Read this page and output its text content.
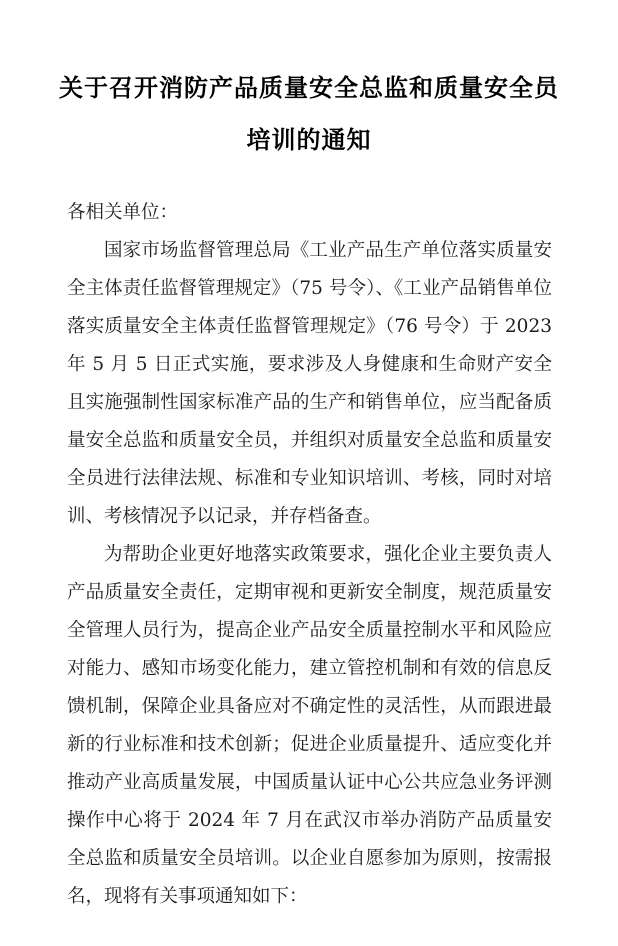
关于召开消防产品质量安全总监和质量安全员
培训的通知

各相关单位：

国家市场监督管理总局《工业产品生产单位落实质量安全主体责任监督管理规定》（75 号令）、《工业产品销售单位落实质量安全主体责任监督管理规定》（76 号令）于 2023 年 5 月 5 日正式实施，要求涉及人身健康和生命财产安全且实施强制性国家标准产品的生产和销售单位，应当配备质量安全总监和质量安全员，并组织对质量安全总监和质量安全员进行法律法规、标准和专业知识培训、考核，同时对培训、考核情况予以记录，并存档备查。

为帮助企业更好地落实政策要求，强化企业主要负责人产品质量安全责任，定期审视和更新安全制度，规范质量安全管理人员行为，提高企业产品安全质量控制水平和风险应对能力、感知市场变化能力，建立管控机制和有效的信息反馈机制，保障企业具备应对不确定性的灵活性，从而跟进最新的行业标准和技术创新；促进企业质量提升、适应变化并推动产业高质量发展，中国质量认证中心公共应急业务评测操作中心将于 2024 年 7 月在武汉市举办消防产品质量安全总监和质量安全员培训。以企业自愿参加为原则，按需报名，现将有关事项通知如下：
